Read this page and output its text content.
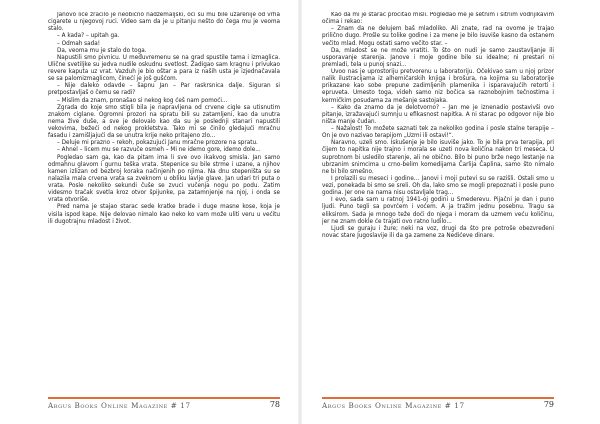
Janovo lice zračilo je neobično nadzemaljski, oči su mu bile užarenije od vrha cigarete u njegovoj ruci. Video sam da je u pitanju nešto do čega mu je veoma stalo.

– A kada? – upitah ga.

– Odmah sada!

Da, veoma mu je stalo do toga.

Napustili smo pivnicu. U međuvremenu se na grad spustile tama i izmaglica. Ulične svetiljke su jedva nudile oskudnu svetlost. Zadigao sam kragnu i privukao revere kaputa uz vrat. Vazduh je bio oštar a para iz naših usta je izjednačavala se sa palomizmaglicom, činećí je još gušćom.

– Nije daleko odavde – šapnu Jan – Par raskrsnica dalje. Siguran si pretpostavljaš o čemu se radi?

– Mislim da znam, pronašao si nekog kog ćeš nam pomoći...

Zgrada do koje smo stigli bila je napravljena od crvene cigle sa utisnutim znakom ciglane. Ogromni prozori na spratu bili su zatamljeni, kao da unutra nema žive duše, a sve je delovalo kao da su je poslednji stanari napustili vekovima, bežeći od nekog prokletstva. Tako mi se činilo gledajući mračnu fasadu i zamišljajući da se unutra krije neko pritajeno zlo...

– Deluje mi prazno – rekoh, pokazujući Janu mračne prozore na spratu.

– Ahnel – licem mu se razvuče osmeh – Mi ne idemo gore, idemo dole...

Pogledao sam ga, kao da pitam ima li sve ovo ikakvog smisla. Jan samo odmahnu glavom i gurnu teška vrata. Stepenice su bile strme i uzane, a njihov kamen izlizan od bezbroj koraka načinjenih po njima. Na dnu stepeništa su se nalazila mala crvena vrata sa zveknom u obliku lavlje glave. Jan udari tri puta o vrata. Posle nekoliko sekundi čuše se zvuci vučenja nogu po podu. Zatim videsmo tračak svetla kroz otvor špijunke, pa zatamnjenje na njoj, i onda se vrata otvoriše.

Pred nama je stajao starac sede kratke brade i duge masne kose, koja je visila ispod kape. Nije delovao nimalo kao neko ko vam može uliti veru u većitu ili dugotrajnu mladost i život.

Argus Books Online Magazine # 17	78

Kao da mi je starac pročitao misli. Pogledao me je setnim i sitnim vodnjikavim očima i rekao:

– Znam da ne delujem baš mladoliko. Ali znate, rad na ovome je trajao prilično dugo. Prošle su tolike godine i za mene je bilo isuviše kasno da ostanem večito mlad. Mogu ostati samo večito star. –

Da, mladost se ne može vratiti. To što on nudi je samo zaustavljanje ili usporavanje starenja. Janove i moje godine bile su idealne; ni prestari ni premladi, tela u punoj snazi...

Uvoo nas je uprostoriju pretvorenu u laboratoriju. Očekivao sam u njoj prizor nalik ilustracijama iz alhemičarskih knjiga i brošura, na kojima su laboratorije prikazane kao sobe prepune zadimljenih plamenika i isparavajućih retorti i epruveta. Umesto toga, videh samo niz bočica sa raznobojnim tečnostima i kermičkim posudama za mešanje sastojaka.

– Kako da znamo da je delotvorno? – Jan me je iznenadio postavivši ovo pitanje, izražavajući sumnju u efikasnost napitka. A ni starac po odgovor nije bio ništa manje čudan.

– Nažalost! To možete saznati tek za nekoliko godina i posle stalne terapije – On je ovo nazivao terapijom „Uzmi ili ostavi!“.

Naravno, uzeli smo. Iskušenje je bilo isuviše jako. To je bila prva terapija, pri čijem to napitka nije trajno i morala se uzeti nova količina nakon tri meseca. U suprotnom bi usledilo starenje, ali ne obično. Bilo bi puno brže nego lestanje na ubrzanim snimcima u crno-belim komedijama Čarlija Čaplina, samo što nimalo ne bi bilo smešno.

I prolazili su meseci i godine... Janovi i moji putevi su se razišli. Ostali smo u vezi, ponekada bi smo se sreli. Oh da, lako smo se mogli prepoznati i posle puno godina. Jer one na nama nisu ostavljale trag...

I evo, sada sam u ratnoj 1941-oj godini u Smederevu. Pijačni je dan i puno ljudi. Puno tegli sa povrćem i voćem. A ja tražim jednu posebnu. Tragu sa eliksirom. Sada je mnogo teže doći do njega i moram da uzmem veću količinu, jer ne znam dokle će trajati ovo ratno ludilo...

Ljudi se guraju i žure; neki na voz, drugi da što pre potroše obezvređeni novac stare Jugoslavije ili da ga zamene za Nedićeve dinare.

Argus Books Online Magazine # 17	79
